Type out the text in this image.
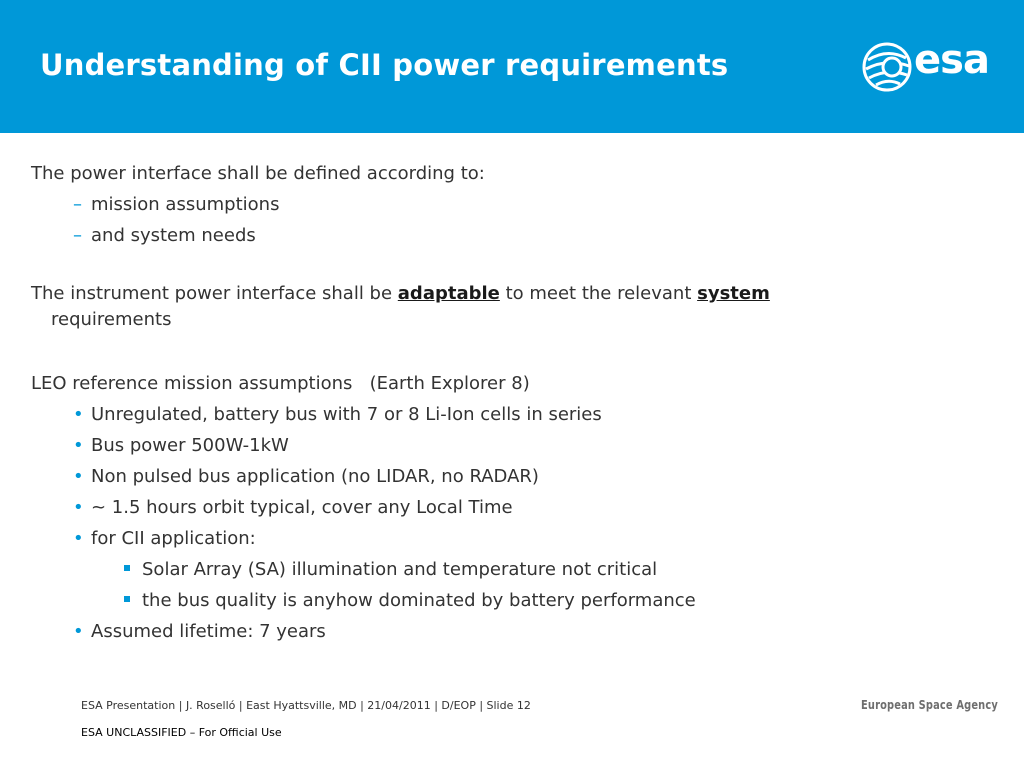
Understanding of CII power requirements	esa
The power interface shall be defined according to:
– mission assumptions
– and system needs
The instrument power interface shall be adaptable to meet the relevant system
requirements
LEO reference mission assumptions   (Earth Explorer 8)
• Unregulated, battery bus with 7 or 8 Li-Ion cells in series
• Bus power 500W-1kW
• Non pulsed bus application (no LIDAR, no RADAR)
• ~ 1.5 hours orbit typical, cover any Local Time
• for CII application:
Solar Array (SA) illumination and temperature not critical
the bus quality is anyhow dominated by battery performance
• Assumed lifetime: 7 years
ESA Presentation | J. Roselló | East Hyattsville, MD | 21/04/2011 | D/EOP | Slide 12
ESA UNCLASSIFIED – For Official Use
European Space Agency
